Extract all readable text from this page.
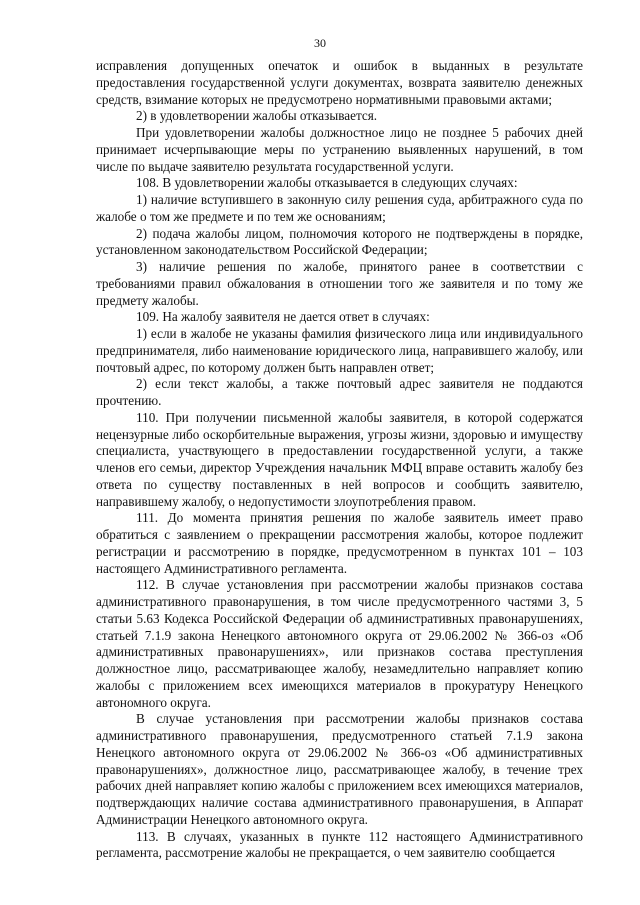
30

исправления допущенных опечаток и ошибок в выданных в результате предоставления государственной услуги документах, возврата заявителю денежных средств, взимание которых не предусмотрено нормативными правовыми актами;

2) в удовлетворении жалобы отказывается.

При удовлетворении жалобы должностное лицо не позднее 5 рабочих дней принимает исчерпывающие меры по устранению выявленных нарушений, в том числе по выдаче заявителю результата государственной услуги.

108. В удовлетворении жалобы отказывается в следующих случаях:

1) наличие вступившего в законную силу решения суда, арбитражного суда по жалобе о том же предмете и по тем же основаниям;

2) подача жалобы лицом, полномочия которого не подтверждены в порядке, установленном законодательством Российской Федерации;

3) наличие решения по жалобе, принятого ранее в соответствии с требованиями правил обжалования в отношении того же заявителя и по тому же предмету жалобы.

109. На жалобу заявителя не дается ответ в случаях:

1) если в жалобе не указаны фамилия физического лица или индивидуального предпринимателя, либо наименование юридического лица, направившего жалобу, или почтовый адрес, по которому должен быть направлен ответ;

2) если текст жалобы, а также почтовый адрес заявителя не поддаются прочтению.

110. При получении письменной жалобы заявителя, в которой содержатся нецензурные либо оскорбительные выражения, угрозы жизни, здоровью и имуществу специалиста, участвующего в предоставлении государственной услуги, а также членов его семьи, директор Учреждения начальник МФЦ вправе оставить жалобу без ответа по существу поставленных в ней вопросов и сообщить заявителю, направившему жалобу, о недопустимости злоупотребления правом.

111. До момента принятия решения по жалобе заявитель имеет право обратиться с заявлением о прекращении рассмотрения жалобы, которое подлежит регистрации и рассмотрению в порядке, предусмотренном в пунктах 101 – 103 настоящего Административного регламента.

112. В случае установления при рассмотрении жалобы признаков состава административного правонарушения, в том числе предусмотренного частями 3, 5 статьи 5.63 Кодекса Российской Федерации об административных правонарушениях, статьей 7.1.9 закона Ненецкого автономного округа от 29.06.2002 № 366-оз «Об административных правонарушениях», или признаков состава преступления должностное лицо, рассматривающее жалобу, незамедлительно направляет копию жалобы с приложением всех имеющихся материалов в прокуратуру Ненецкого автономного округа.

В случае установления при рассмотрении жалобы признаков состава административного правонарушения, предусмотренного статьей 7.1.9 закона Ненецкого автономного округа от 29.06.2002 № 366-оз «Об административных правонарушениях», должностное лицо, рассматривающее жалобу, в течение трех рабочих дней направляет копию жалобы с приложением всех имеющихся материалов, подтверждающих наличие состава административного правонарушения, в Аппарат Администрации Ненецкого автономного округа.

113. В случаях, указанных в пункте 112 настоящего Административного регламента, рассмотрение жалобы не прекращается, о чем заявителю сообщается
